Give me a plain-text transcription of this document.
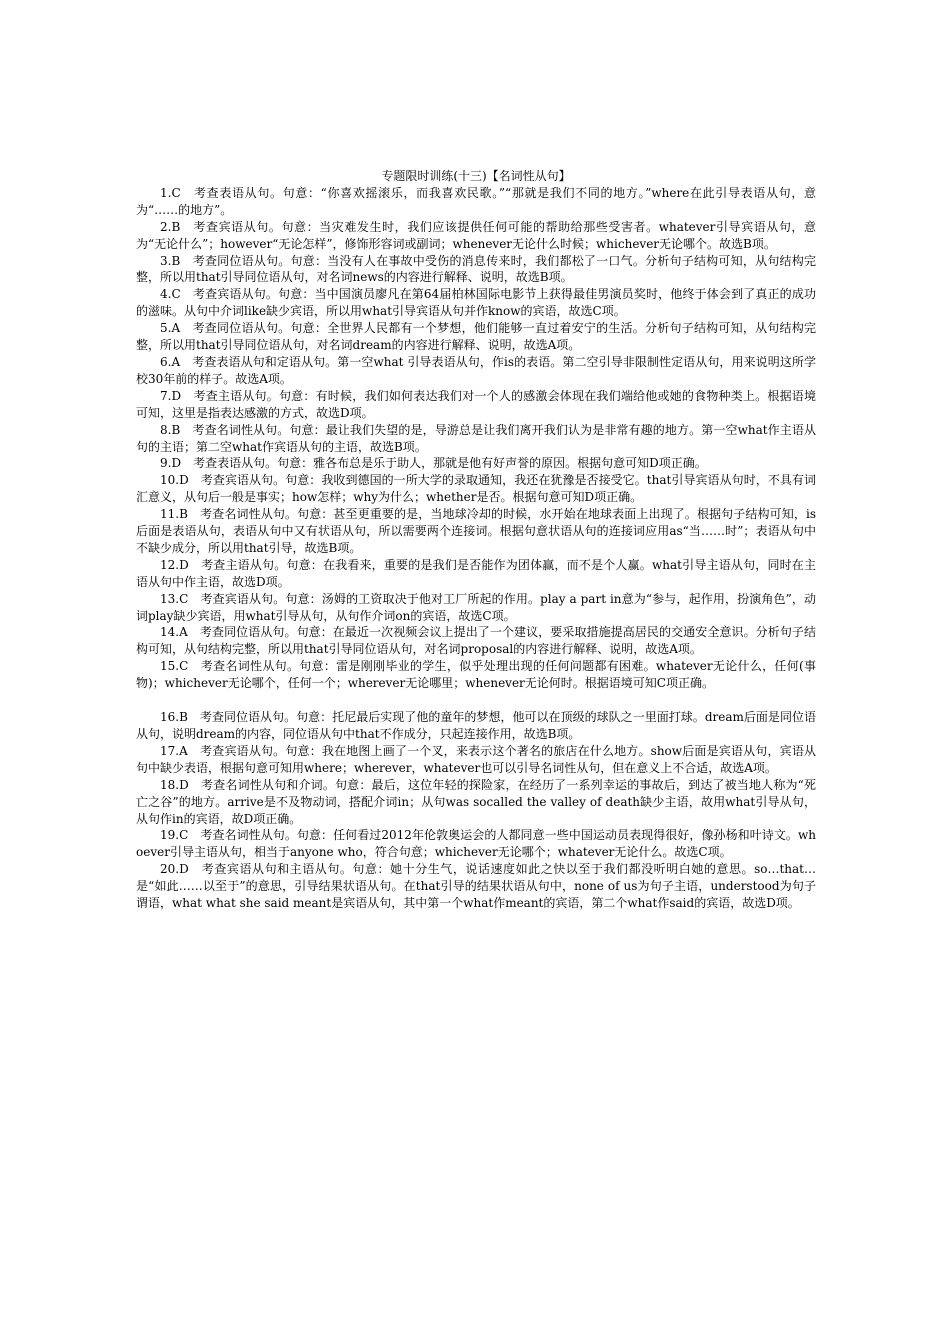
专题限时训练(十三)【名词性从句】

1.C　考查表语从句。句意：“你喜欢摇滚乐，而我喜欢民歌。”“那就是我们不同的地方。”where在此引导表语从句，意为“……的地方”。

2.B　考查宾语从句。句意：当灾难发生时，我们应该提供任何可能的帮助给那些受害者。whatever引导宾语从句，意为“无论什么”；however“无论怎样”，修饰形容词或副词；whenever无论什么时候；whichever无论哪个。故选B项。

3.B　考查同位语从句。句意：当没有人在事故中受伤的消息传来时，我们都松了一口气。分析句子结构可知，从句结构完整，所以用that引导同位语从句，对名词news的内容进行解释、说明，故选B项。

4.C　考查宾语从句。句意：当中国演员廖凡在第64届柏林国际电影节上获得最佳男演员奖时，他终于体会到了真正的成功的滋味。从句中介词like缺少宾语，所以用what引导宾语从句并作know的宾语，故选C项。

5.A　考查同位语从句。句意：全世界人民都有一个梦想，他们能够一直过着安宁的生活。分析句子结构可知，从句结构完整，所以用that引导同位语从句，对名词dream的内容进行解释、说明，故选A项。

6.A　考查表语从句和定语从句。第一空what 引导表语从句，作is的表语。第二空引导非限制性定语从句，用来说明这所学校30年前的样子。故选A项。

7.D　考查主语从句。句意：有时候，我们如何表达我们对一个人的感激会体现在我们端给他或她的食物种类上。根据语境可知，这里是指表达感激的方式，故选D项。

8.B　考查名词性从句。句意：最让我们失望的是，导游总是让我们离开我们认为是非常有趣的地方。第一空what作主语从句的主语；第二空what作宾语从句的主语，故选B项。

9.D　考查表语从句。句意：雅各布总是乐于助人，那就是他有好声誉的原因。根据句意可知D项正确。

10.D　考查宾语从句。句意：我收到德国的一所大学的录取通知，我还在犹豫是否接受它。that引导宾语从句时，不具有词汇意义，从句后一般是事实；how怎样；why为什么；whether是否。根据句意可知D项正确。

11.B　考查名词性从句。句意：甚至更重要的是，当地球冷却的时候，水开始在地球表面上出现了。根据句子结构可知，is 后面是表语从句，表语从句中又有状语从句，所以需要两个连接词。根据句意状语从句的连接词应用as“当……时”；表语从句中不缺少成分，所以用that引导，故选B项。

12.D　考查主语从句。句意：在我看来，重要的是我们是否能作为团体赢，而不是个人赢。what引导主语从句，同时在主语从句中作主语，故选D项。

13.C　考查宾语从句。句意：汤姆的工资取决于他对工厂所起的作用。play a part in意为“参与，起作用，扮演角色”，动词play缺少宾语，用what引导从句，从句作介词on的宾语，故选C项。

14.A　考查同位语从句。句意：在最近一次视频会议上提出了一个建议，要采取措施提高居民的交通安全意识。分析句子结构可知，从句结构完整，所以用that引导同位语从句，对名词proposal的内容进行解释、说明，故选A项。

15.C　考查名词性从句。句意：雷是刚刚毕业的学生，似乎处理出现的任何问题都有困难。whatever无论什么，任何(事物)；whichever无论哪个，任何一个；wherever无论哪里；whenever无论何时。根据语境可知C项正确。

16.B　考查同位语从句。句意：托尼最后实现了他的童年的梦想，他可以在顶级的球队之一里面打球。dream后面是同位语从句，说明dream的内容，同位语从句中that不作成分，只起连接作用，故选B项。

17.A　考查宾语从句。句意：我在地图上画了一个叉，来表示这个著名的旅店在什么地方。show后面是宾语从句，宾语从句中缺少表语，根据句意可知用where；wherever，whatever也可以引导名词性从句，但在意义上不合适，故选A项。

18.D　考查名词性从句和介词。句意：最后，这位年轻的探险家，在经历了一系列幸运的事故后，到达了被当地人称为“死亡之谷”的地方。arrive是不及物动词，搭配介词in；从句was socalled the valley of death缺少主语，故用what引导从句，从句作in的宾语，故D项正确。

19.C　考查名词性从句。句意：任何看过2012年伦敦奥运会的人都同意一些中国运动员表现得很好，像孙杨和叶诗文。whoever引导主语从句，相当于anyone who，符合句意；whichever无论哪个；whatever无论什么。故选C项。

20.D　考查宾语从句和主语从句。句意：她十分生气，说话速度如此之快以至于我们都没听明白她的意思。so…that…是“如此……以至于”的意思，引导结果状语从句。在that引导的结果状语从句中，none of us为句子主语，understood为句子谓语，what what she said meant是宾语从句，其中第一个what作meant的宾语，第二个what作said的宾语，故选D项。
